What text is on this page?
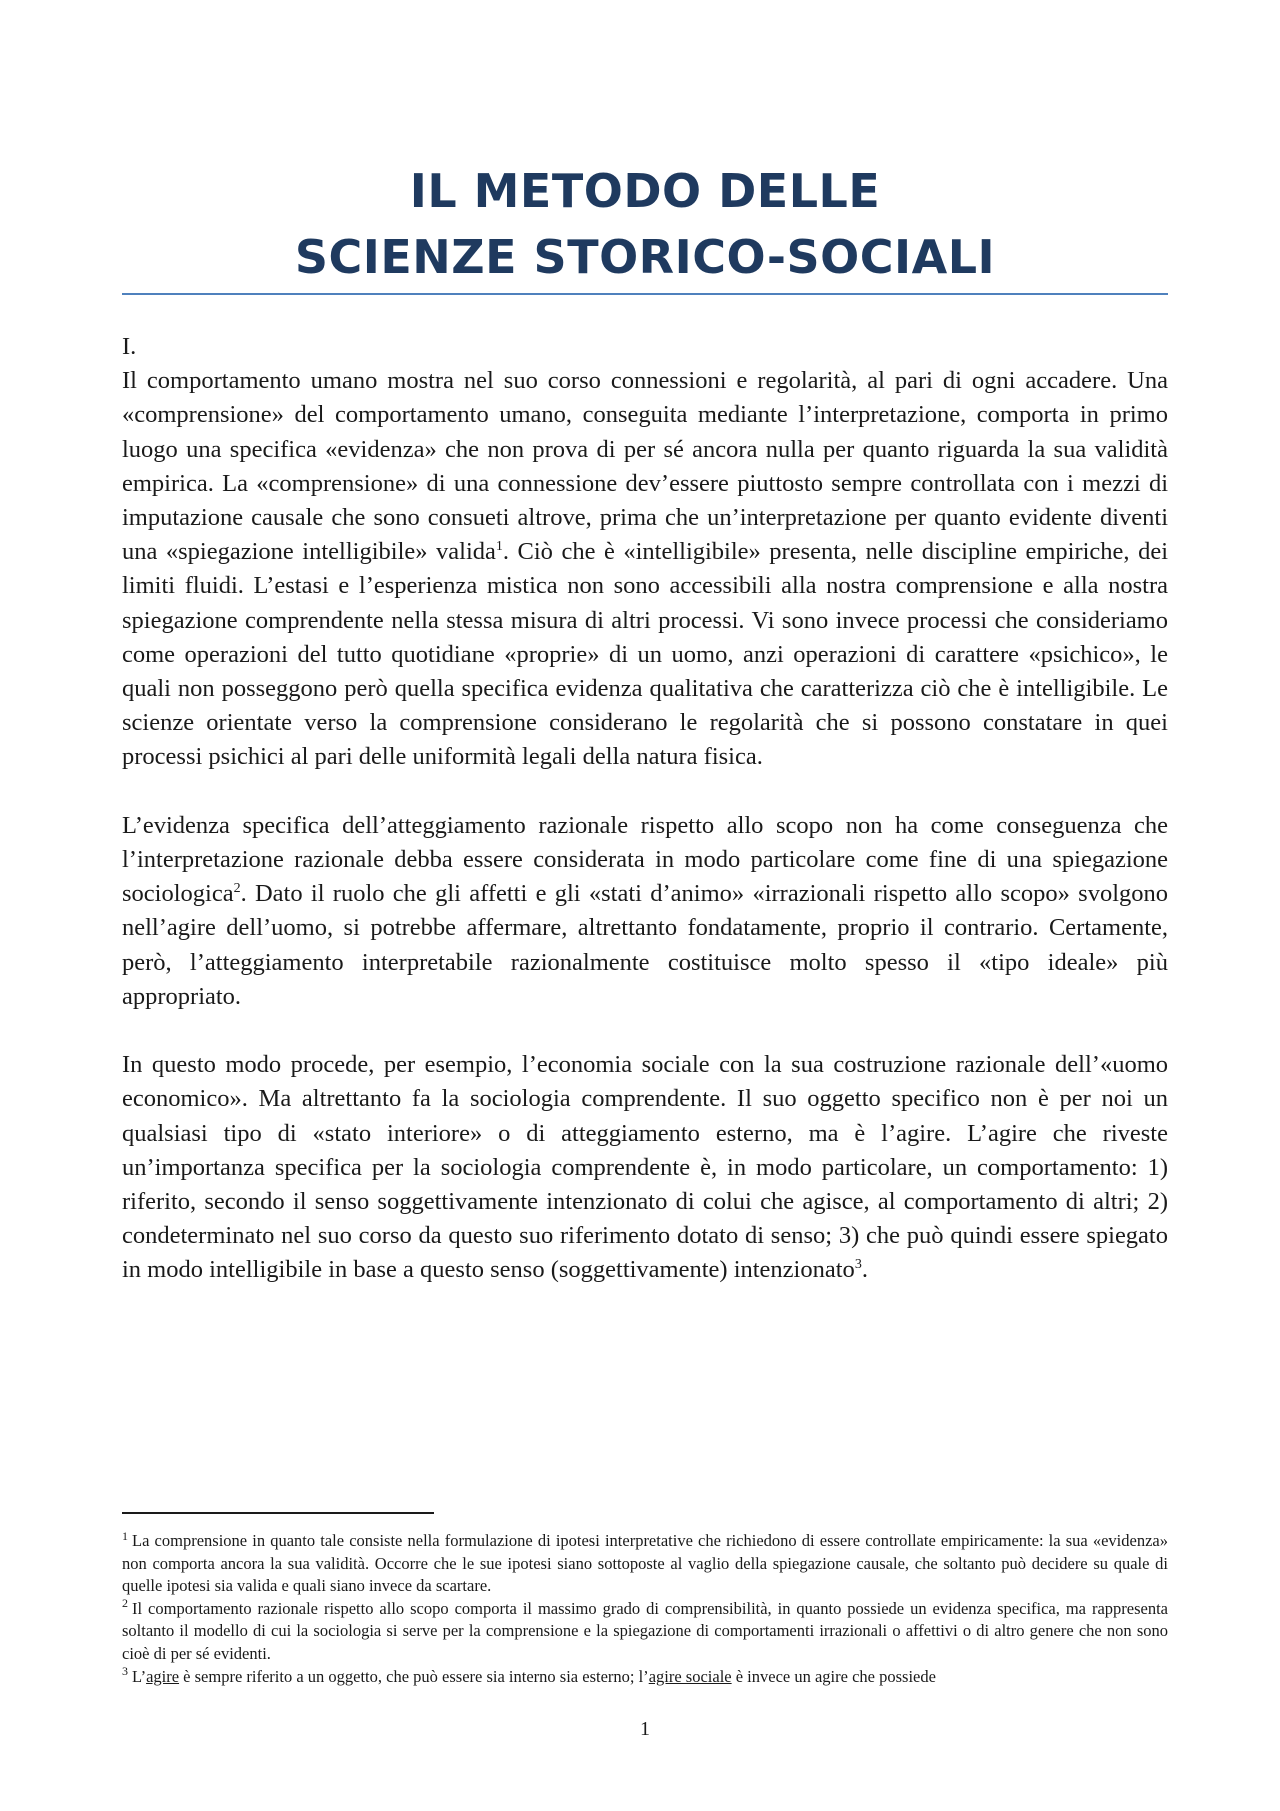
IL METODO DELLE
SCIENZE STORICO-SOCIALI

I.

Il comportamento umano mostra nel suo corso connessioni e regolarità, al pari di ogni accadere. Una «comprensione» del comportamento umano, conseguita mediante l’interpretazione, comporta in primo luogo una specifica «evidenza» che non prova di per sé ancora nulla per quanto riguarda la sua validità empirica. La «comprensione» di una connessione dev’essere piuttosto sempre controllata con i mezzi di imputazione causale che sono consueti altrove, prima che un’interpretazione per quanto evidente diventi una «spiegazione intelligibile» valida$^1$. Ciò che è «intelligibile» presenta, nelle discipline empiriche, dei limiti fluidi. L’estasi e l’esperienza mistica non sono accessibili alla nostra comprensione e alla nostra spiegazione comprendente nella stessa misura di altri processi. Vi sono invece processi che consideriamo come operazioni del tutto quotidiane «proprie» di un uomo, anzi operazioni di carattere «psichico», le quali non posseggono però quella specifica evidenza qualitativa che caratterizza ciò che è intelligibile. Le scienze orientate verso la comprensione considerano le regolarità che si possono constatare in quei processi psichici al pari delle uniformità legali della natura fisica.

L’evidenza specifica dell’atteggiamento razionale rispetto allo scopo non ha come conseguenza che l’interpretazione razionale debba essere considerata in modo particolare come fine di una spiegazione sociologica$^2$. Dato il ruolo che gli affetti e gli «stati d’animo» «irrazionali rispetto allo scopo» svolgono nell’agire dell’uomo, si potrebbe affermare, altrettanto fondatamente, proprio il contrario. Certamente, però, l’atteggiamento interpretabile razionalmente costituisce molto spesso il «tipo ideale» più appropriato.

In questo modo procede, per esempio, l’economia sociale con la sua costruzione razionale dell’«uomo economico». Ma altrettanto fa la sociologia comprendente. Il suo oggetto specifico non è per noi un qualsiasi tipo di «stato interiore» o di atteggiamento esterno, ma è l’agire. L’agire che riveste un’importanza specifica per la sociologia comprendente è, in modo particolare, un comportamento: 1) riferito, secondo il senso soggettivamente intenzionato di colui che agisce, al comportamento di altri; 2) condeterminato nel suo corso da questo suo riferimento dotato di senso; 3) che può quindi essere spiegato in modo intelligibile in base a questo senso (soggettivamente) intenzionato$^3$.

$^1$ La comprensione in quanto tale consiste nella formulazione di ipotesi interpretative che richiedono di essere controllate empiricamente: la sua «evidenza» non comporta ancora la sua validità. Occorre che le sue ipotesi siano sottoposte al vaglio della spiegazione causale, che soltanto può decidere su quale di quelle ipotesi sia valida e quali siano invece da scartare.

$^2$ Il comportamento razionale rispetto allo scopo comporta il massimo grado di comprensibilità, in quanto possiede un evidenza specifica, ma rappresenta soltanto il modello di cui la sociologia si serve per la comprensione e la spiegazione di comportamenti irrazionali o affettivi o di altro genere che non sono cioè di per sé evidenti.

$^3$ L’agire è sempre riferito a un oggetto, che può essere sia interno sia esterno; l’agire sociale è invece un agire che possiede

1
